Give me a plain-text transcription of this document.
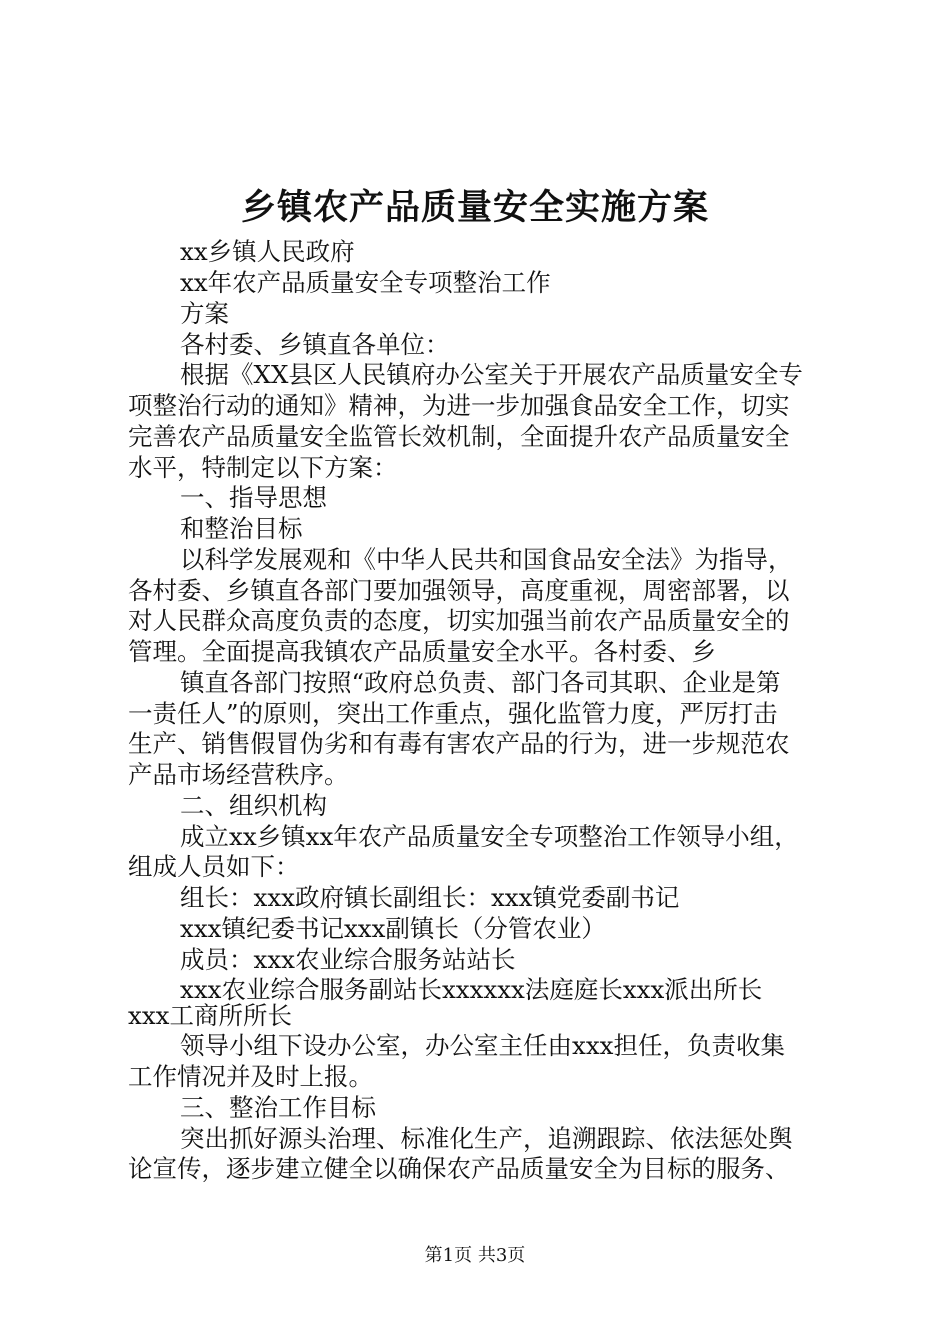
乡镇农产品质量安全实施方案
xx乡镇人民政府
xx年农产品质量安全专项整治工作
方案
各村委、乡镇直各单位：
根据《XX县区人民镇府办公室关于开展农产品质量安全专
项整治行动的通知》精神，为进一步加强食品安全工作，切实
完善农产品质量安全监管长效机制，全面提升农产品质量安全
水平，特制定以下方案：
一、指导思想
和整治目标
以科学发展观和《中华人民共和国食品安全法》为指导，
各村委、乡镇直各部门要加强领导，高度重视，周密部署，以
对人民群众高度负责的态度，切实加强当前农产品质量安全的
管理。全面提高我镇农产品质量安全水平。各村委、乡
镇直各部门按照“政府总负责、部门各司其职、企业是第
一责任人”的原则，突出工作重点，强化监管力度，严厉打击
生产、销售假冒伪劣和有毒有害农产品的行为，进一步规范农
产品市场经营秩序。
二、组织机构
成立xx乡镇xx年农产品质量安全专项整治工作领导小组，
组成人员如下：
组长：xxx政府镇长副组长：xxx镇党委副书记
xxx镇纪委书记xxx副镇长（分管农业）
成员：xxx农业综合服务站站长
xxx农业综合服务副站长xxxxxx法庭庭长xxx派出所长
xxx工商所所长
领导小组下设办公室，办公室主任由xxx担任，负责收集
工作情况并及时上报。
三、整治工作目标
突出抓好源头治理、标准化生产，追溯跟踪、依法惩处舆
论宣传，逐步建立健全以确保农产品质量安全为目标的服务、
第1页 共3页
